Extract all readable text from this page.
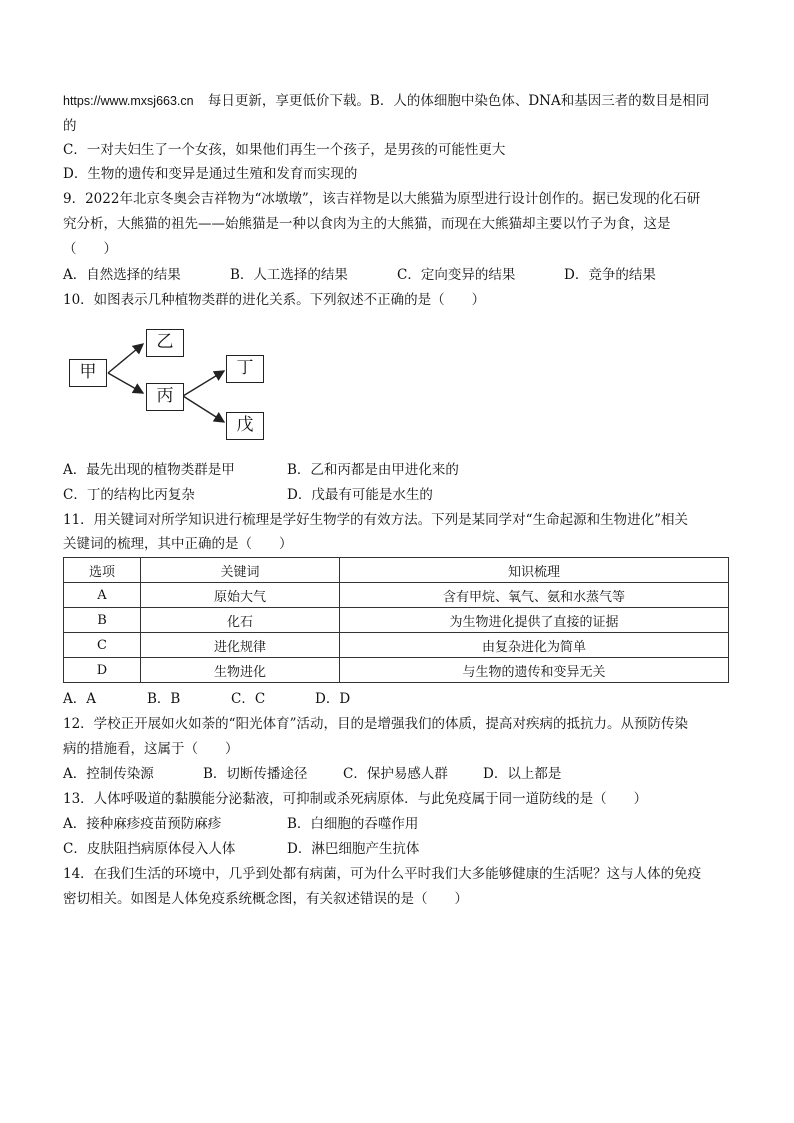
https://www.mxsj663.cn 每日更新，享更低价下载。B．人的体细胞中染色体、DNA和基因三者的数目是相同
的
C．一对夫妇生了一个女孩，如果他们再生一个孩子，是男孩的可能性更大
D．生物的遗传和变异是通过生殖和发育而实现的
9．2022年北京冬奥会吉祥物为“冰墩墩”，该吉祥物是以大熊猫为原型进行设计创作的。据已发现的化石研
究分析，大熊猫的祖先——始熊猫是一种以食肉为主的大熊猫，而现在大熊猫却主要以竹子为食，这是
（　　）
A．自然选择的结果	B．人工选择的结果	C．定向变异的结果	D．竞争的结果
10．如图表示几种植物类群的进化关系。下列叙述不正确的是（　　）
甲
乙
丙
丁
戊
A．最先出现的植物类群是甲	B．乙和丙都是由甲进化来的
C．丁的结构比丙复杂	D．戊最有可能是水生的
11．用关键词对所学知识进行梳理是学好生物学的有效方法。下列是某同学对“生命起源和生物进化”相关
关键词的梳理，其中正确的是（　　）
选项	关键词	知识梳理
A	原始大气	含有甲烷、氧气、氨和水蒸气等
B	化石	为生物进化提供了直接的证据
C	进化规律	由复杂进化为简单
D	生物进化	与生物的遗传和变异无关
A．A	B．B	C．C	D．D
12．学校正开展如火如荼的“阳光体育”活动，目的是增强我们的体质，提高对疾病的抵抗力。从预防传染
病的措施看，这属于（　　）
A．控制传染源	B．切断传播途径	C．保护易感人群	D．以上都是
13．人体呼吸道的黏膜能分泌黏液，可抑制或杀死病原体．与此免疫属于同一道防线的是（　　）
A．接种麻疹疫苗预防麻疹	B．白细胞的吞噬作用
C．皮肤阻挡病原体侵入人体	D．淋巴细胞产生抗体
14．在我们生活的环境中，几乎到处都有病菌，可为什么平时我们大多能够健康的生活呢？这与人体的免疫
密切相关。如图是人体免疫系统概念图，有关叙述错误的是（　　）
